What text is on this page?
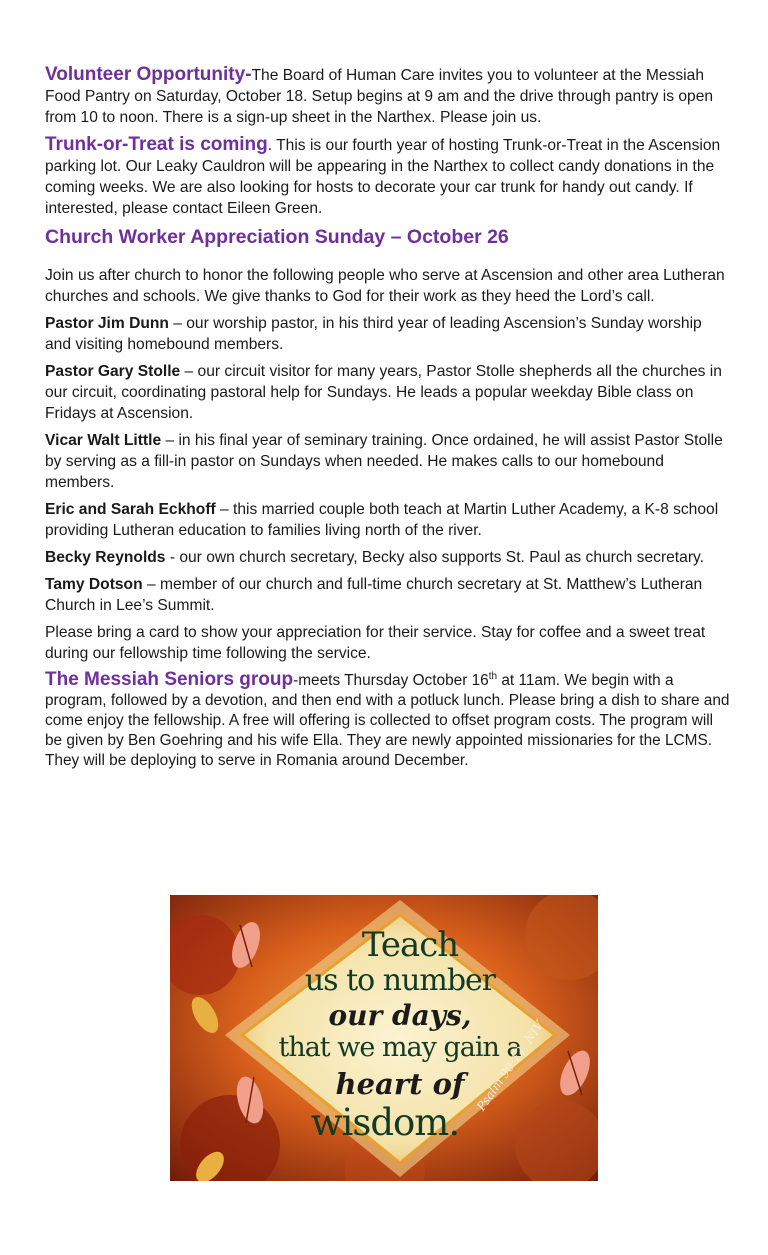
Volunteer Opportunity-The Board of Human Care invites you to volunteer at the Messiah Food Pantry on Saturday, October 18. Setup begins at 9 am and the drive through pantry is open from 10 to noon. There is a sign-up sheet in the Narthex. Please join us.

Trunk-or-Treat is coming. This is our fourth year of hosting Trunk-or-Treat in the Ascension parking lot. Our Leaky Cauldron will be appearing in the Narthex to collect candy donations in the coming weeks. We are also looking for hosts to decorate your car trunk for handy out candy. If interested, please contact Eileen Green.

Church Worker Appreciation Sunday – October 26

Join us after church to honor the following people who serve at Ascension and other area Lutheran churches and schools. We give thanks to God for their work as they heed the Lord’s call.

Pastor Jim Dunn – our worship pastor, in his third year of leading Ascension’s Sunday worship and visiting homebound members.

Pastor Gary Stolle – our circuit visitor for many years, Pastor Stolle shepherds all the churches in our circuit, coordinating pastoral help for Sundays. He leads a popular weekday Bible class on Fridays at Ascension.

Vicar Walt Little – in his final year of seminary training. Once ordained, he will assist Pastor Stolle by serving as a fill-in pastor on Sundays when needed. He makes calls to our homebound members.

Eric and Sarah Eckhoff – this married couple both teach at Martin Luther Academy, a K-8 school providing Lutheran education to families living north of the river.

Becky Reynolds - our own church secretary, Becky also supports St. Paul as church secretary.

Tamy Dotson – member of our church and full-time church secretary at St. Matthew’s Lutheran Church in Lee’s Summit.

Please bring a card to show your appreciation for their service. Stay for coffee and a sweet treat during our fellowship time following the service.

The Messiah Seniors group-meets Thursday October 16th at 11am. We begin with a program, followed by a devotion, and then end with a potluck lunch. Please bring a dish to share and come enjoy the fellowship. A free will offering is collected to offset program costs. The program will be given by Ben Goehring and his wife Ella. They are newly appointed missionaries for the LCMS. They will be deploying to serve in Romania around December.

Teach
us to number
our days,
that we may gain a
heart of
wisdom.
Psalm 90:12, NIV
